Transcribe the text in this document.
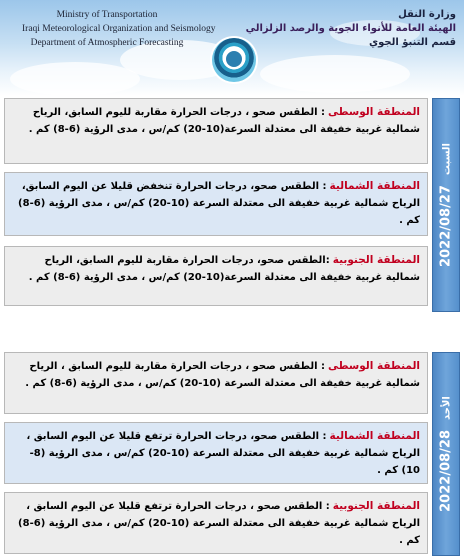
Ministry of Transportation
Iraqi Meteorological Organization and Seismology
Department of Atmospheric Forecasting
وزارة النقل
الهيئة العامة للأنواء الجوية والرصد الزلزالي
قسم التنبؤ الجوي
المنطقة الوسطى: الطقس صحو ، درجات الحرارة مقاربة لليوم السابق، الرياح شمالية غربية خفيفة الى معتدلة السرعة(10-20) كم/س ، مدى الرؤية (6-8) كم .
المنطقة الشمالية: الطقس صحو، درجات الحرارة تنخفض قليلا عن اليوم السابق، الرياح شمالية غربية خفيفة الى معتدلة السرعة (10-20) كم/س ، مدى الرؤية (6-8) كم .
المنطقة الجنوبية:الطقس صحو، درجات الحرارة مقاربة لليوم السابق، الرياح شمالية غربية خفيفة الى معتدلة السرعة(10-20) كم/س ، مدى الرؤية (6-8) كم .
2022/08/27السبت
المنطقة الوسطى: الطقس صحو ، درجات الحرارة مقاربة لليوم السابق ، الرياح شمالية غربية خفيفة الى معتدلة السرعة (10-20) كم/س ، مدى الرؤية (6-8) كم .
المنطقة الشمالية: الطقس صحو، درجات الحرارة ترتفع قليلا عن اليوم السابق ، الرياح شمالية غربية خفيفة الى معتدلة السرعة (10-20) كم/س ، مدى الرؤية (8-10) كم .
المنطقة الجنوبية: الطقس صحو ، درجات الحرارة ترتفع قليلا عن اليوم السابق ، الرياح شمالية غربية خفيفة الى معتدلة السرعة (10-20) كم/س ، مدى الرؤية (6-8) كم .
2022/08/28الأحد
